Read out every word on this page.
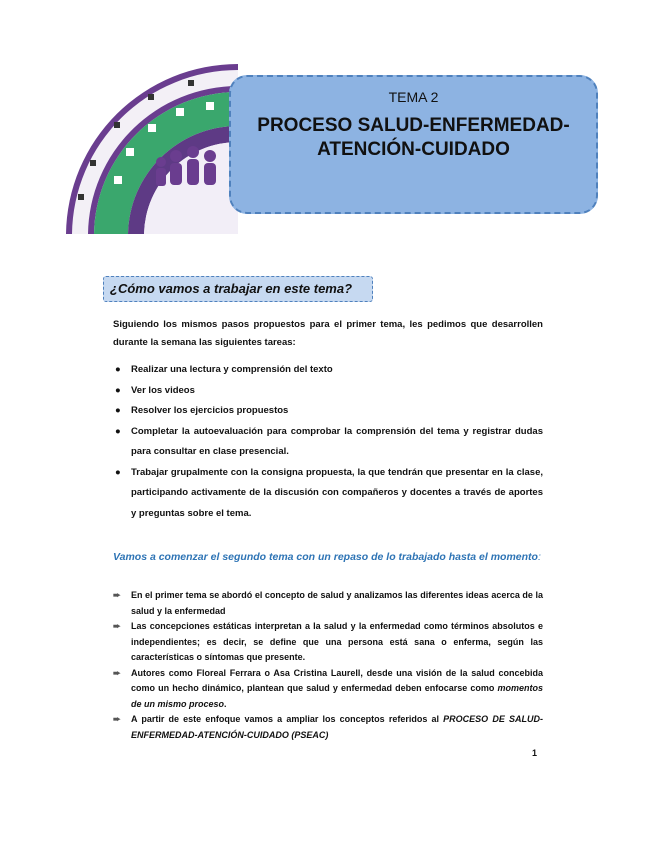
TEMA 2
PROCESO SALUD-ENFERMEDAD-
ATENCIÓN-CUIDADO
¿Cómo vamos a trabajar en este tema?
Siguiendo los mismos pasos propuestos para el primer tema, les pedimos que desarrollen durante la semana las siguientes tareas:
● Realizar una lectura y comprensión del texto
● Ver los videos
● Resolver los ejercicios propuestos
● Completar la autoevaluación para comprobar la comprensión del tema y registrar dudas para consultar en clase presencial.
● Trabajar grupalmente con la consigna propuesta, la que tendrán que presentar en la clase, participando activamente de la discusión con compañeros y docentes a través de aportes y preguntas sobre el tema.
Vamos a comenzar el segundo tema con un repaso de lo trabajado hasta el momento:
➨ En el primer tema se abordó el concepto de salud y analizamos las diferentes ideas acerca de la salud y la enfermedad
➨ Las concepciones estáticas interpretan a la salud y la enfermedad como términos absolutos e independientes; es decir, se define que una persona está sana o enferma, según las características o síntomas que presente.
➨ Autores como Floreal Ferrara o Asa Cristina Laurell, desde una visión de la salud concebida como un hecho dinámico, plantean que salud y enfermedad deben enfocarse como momentos de un mismo proceso.
➨ A partir de este enfoque vamos a ampliar los conceptos referidos al PROCESO DE SALUD-ENFERMEDAD-ATENCIÓN-CUIDADO (PSEAC)
1
